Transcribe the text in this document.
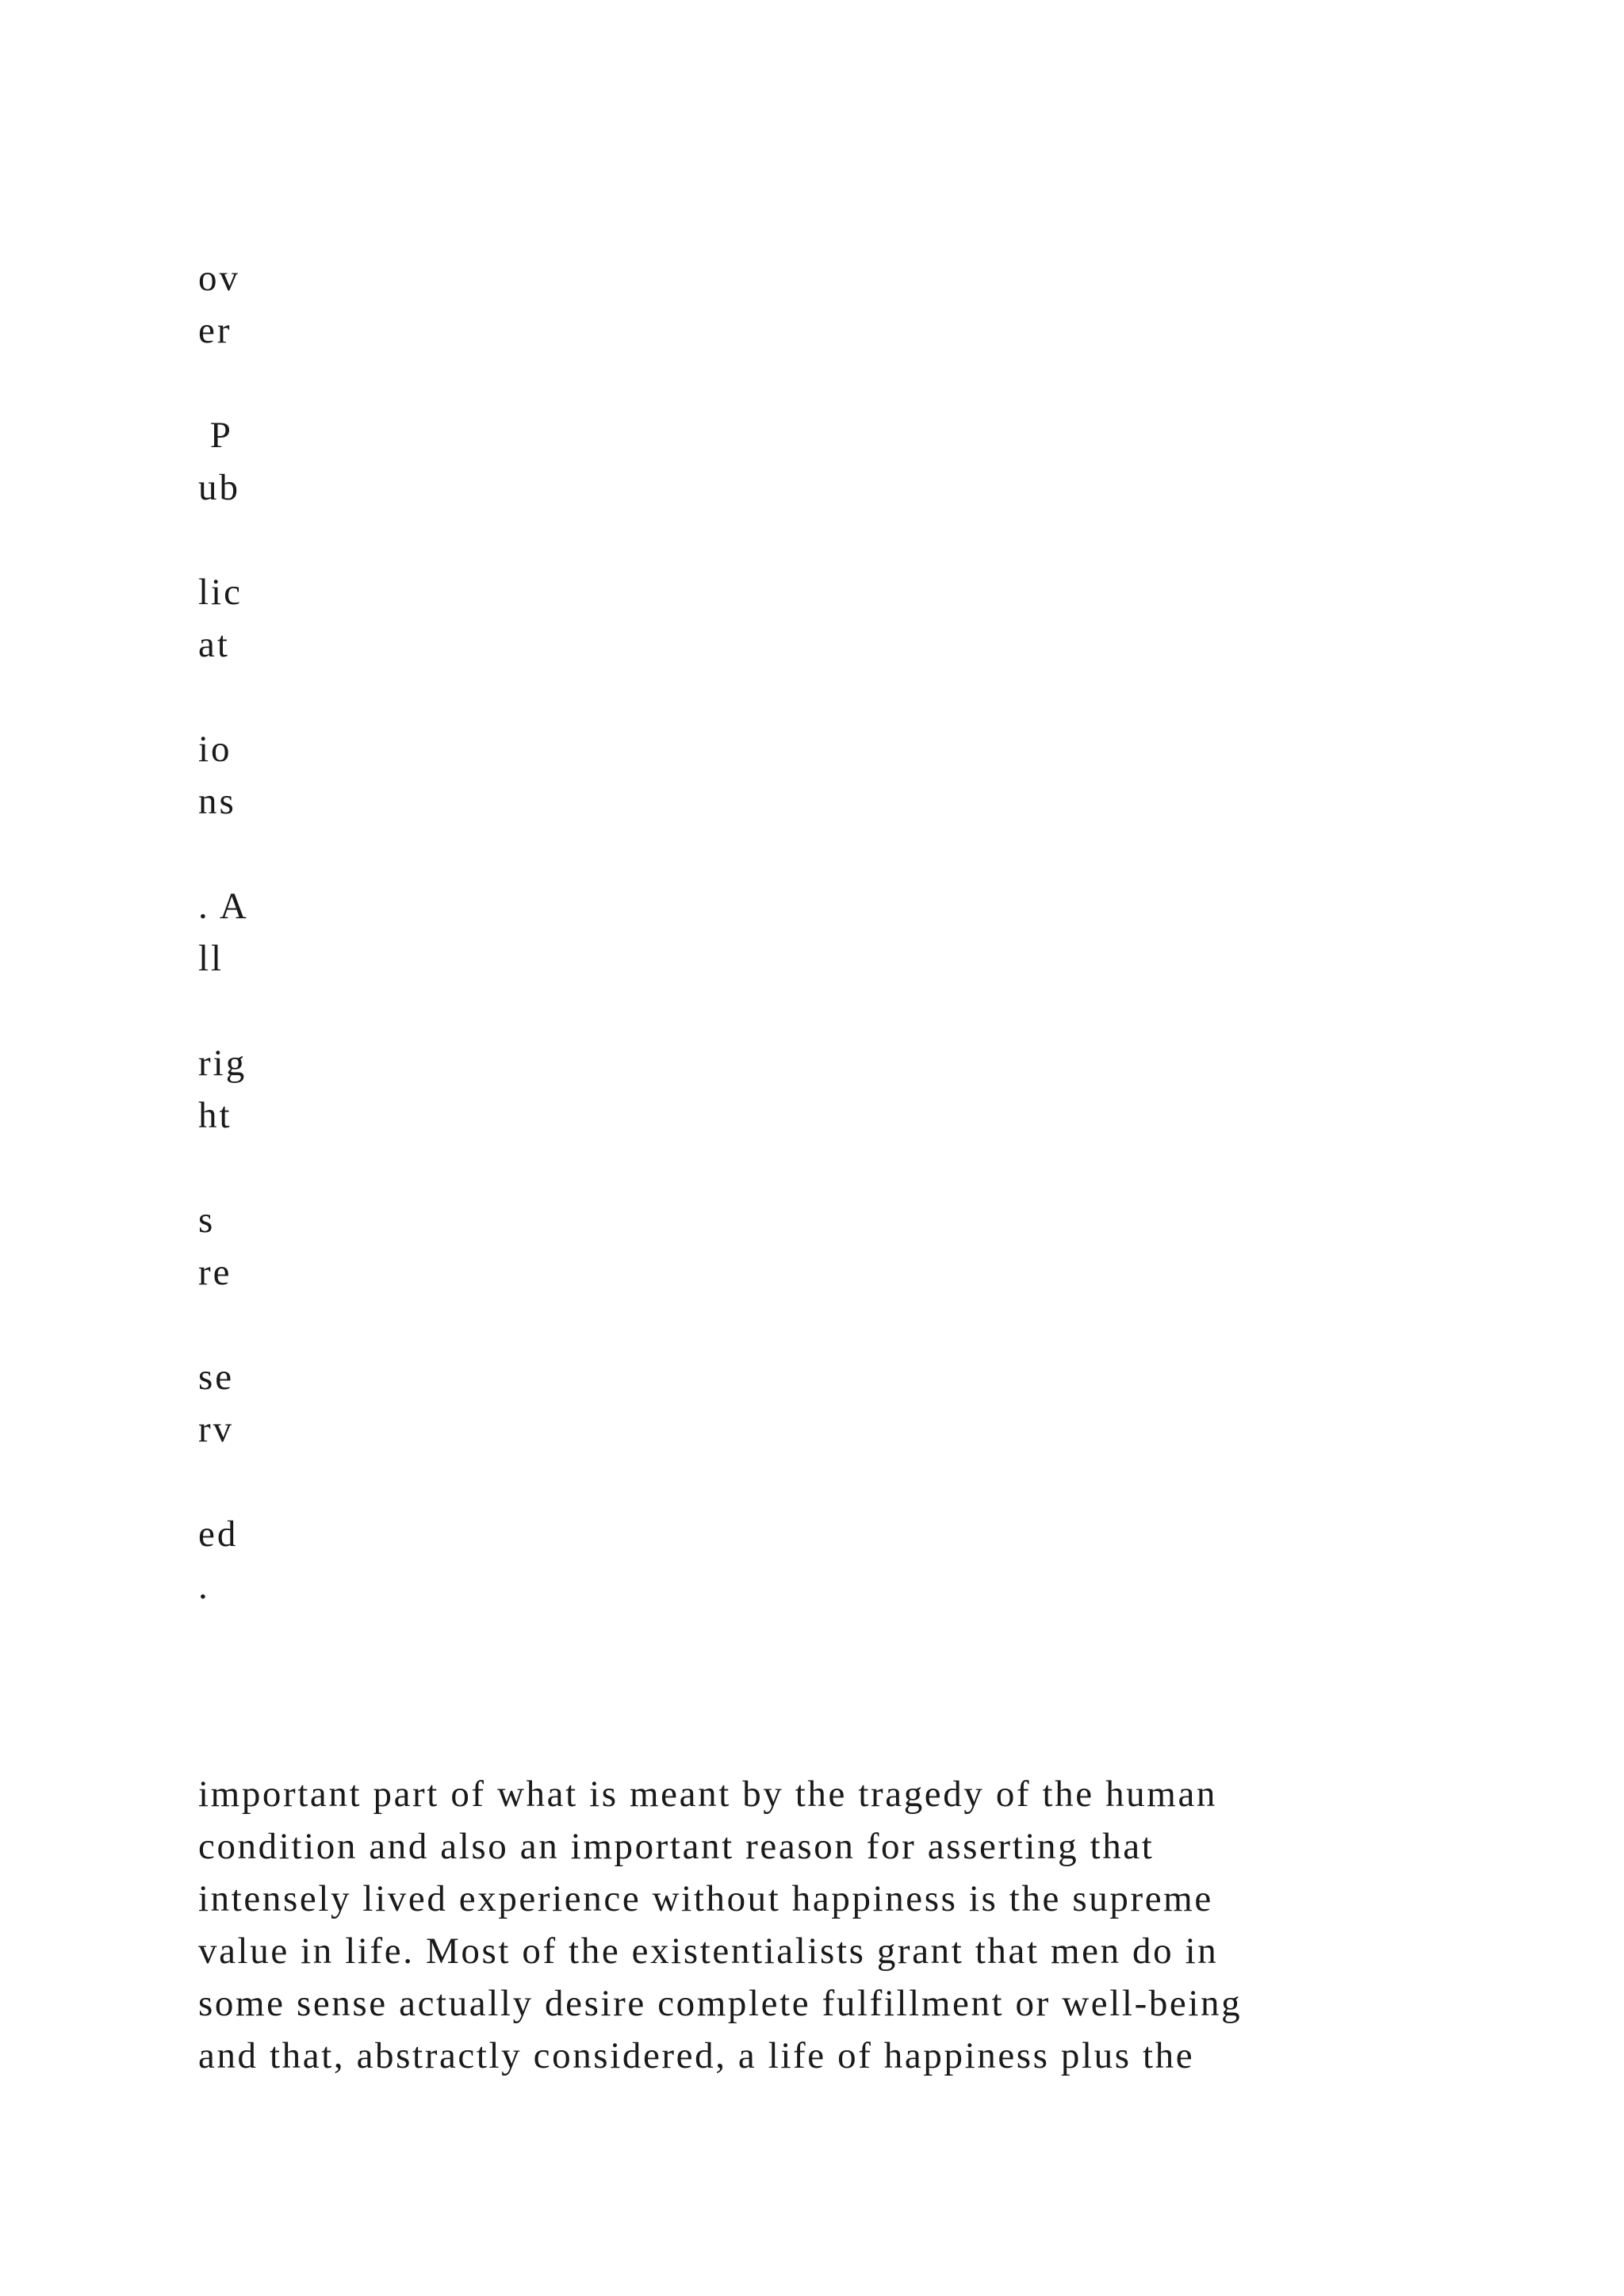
ov

er

P

ub

lic

at

io

ns

. A

ll

rig

ht

s

re

se

rv

ed

.

important part of what is meant by the tragedy of the human

condition and also an important reason for asserting that

intensely lived experience without happiness is the supreme

value in life. Most of the existentialists grant that men do in

some sense actually desire complete fulfillment or well-being

and that, abstractly considered, a life of happiness plus the
